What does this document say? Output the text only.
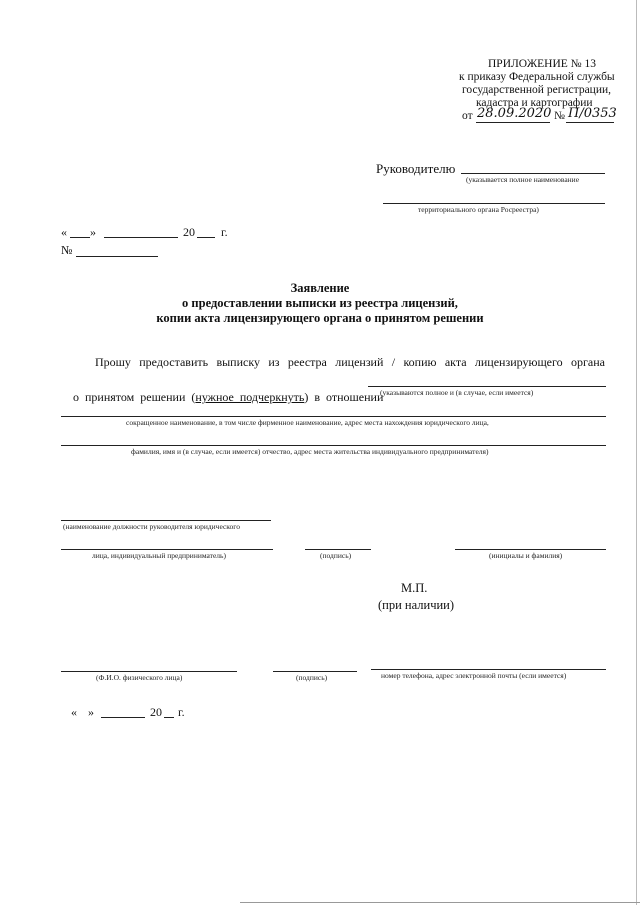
ПРИЛОЖЕНИЕ № 13
к приказу Федеральной службы
государственной регистрации,
кадастра и картографии
от 28.09.2020 № П/0353
Руководителю
(указывается полное наименование
территориального органа Росреестра)
« »	20 г.
№
Заявление
о предоставлении выписки из реестра лицензий,
копии акта лицензирующего органа о принятом решении
Прошу  предоставить  выписку  из  реестра  лицензий  /  копию  акта  лицензирующего  органа

о  принятом  решении  (нужное  подчеркнуть)  в  отношении

(указываются полное и (в случае, если имеется)
сокращенное наименование, в том числе фирменное наименование, адрес места нахождения юридического лица,
фамилия, имя и (в случае, если имеется) отчество, адрес места жительства индивидуального предпринимателя)
(наименование должности руководителя юридического
лица, индивидуальный предприниматель)	(подпись)	(инициалы и фамилия)
М.П.
(при наличии)
(Ф.И.О. физического лица)	(подпись)	номер телефона, адрес электронной почты (если имеется)
« »	20 г.
